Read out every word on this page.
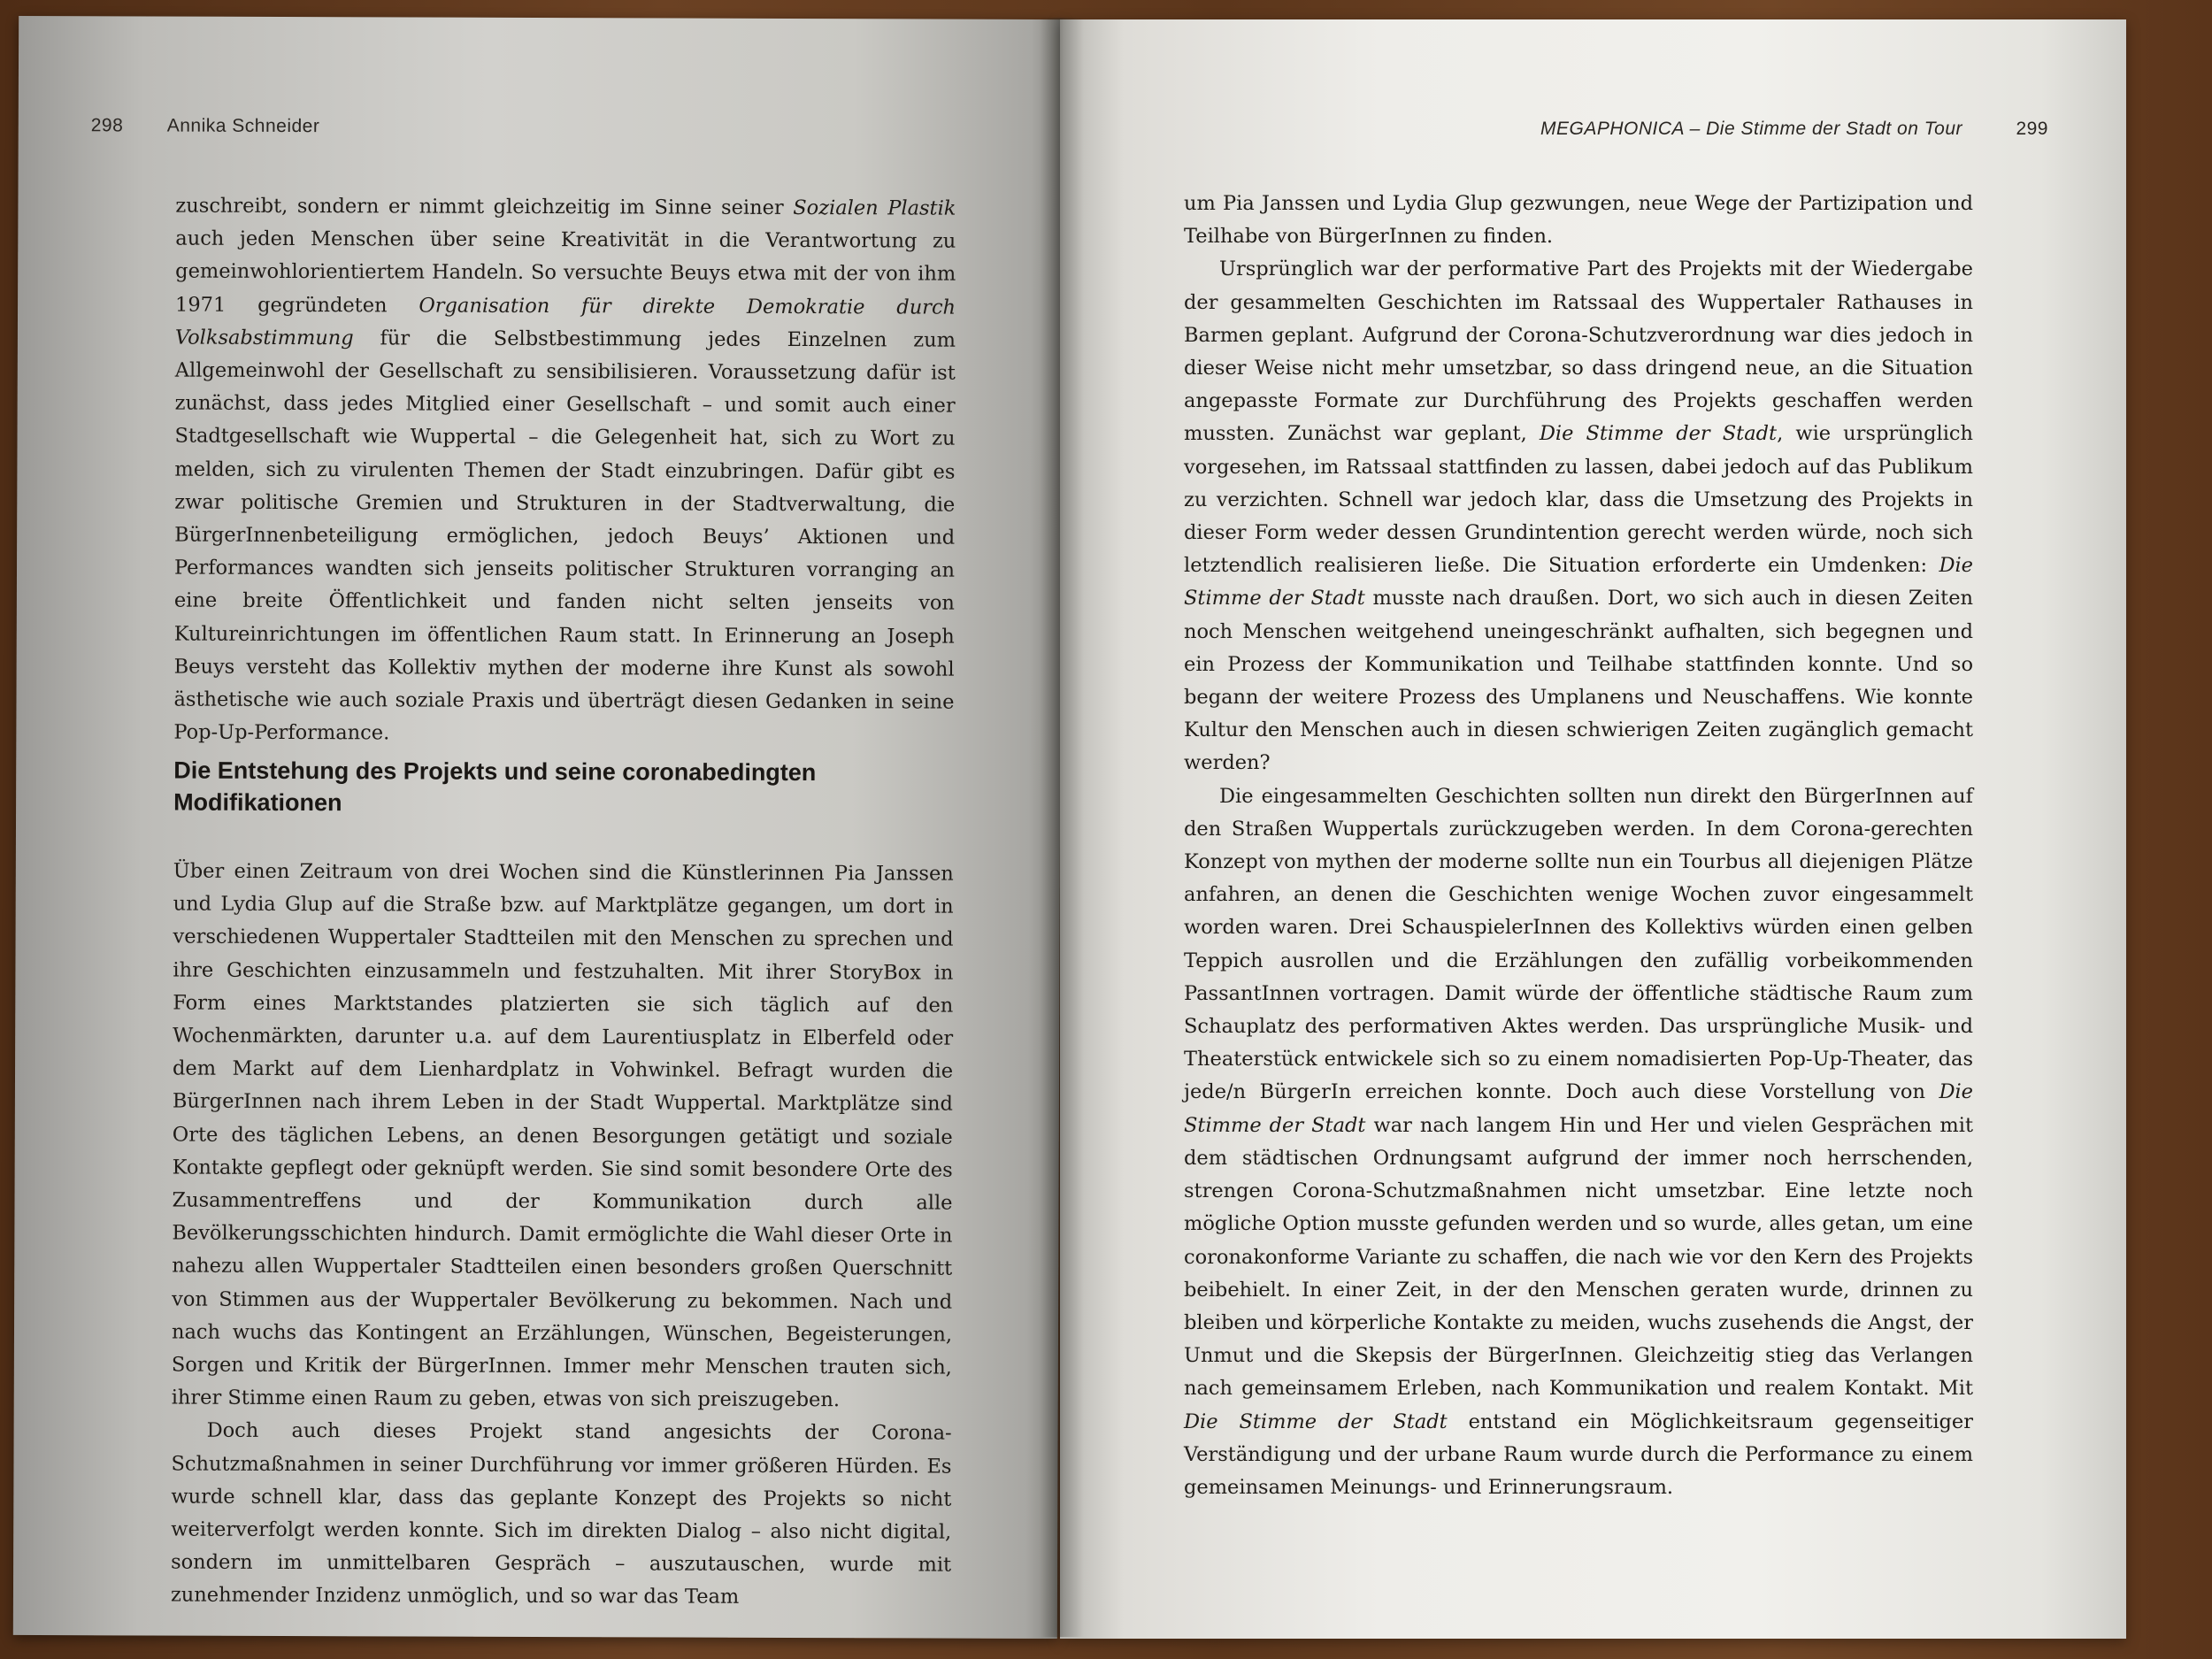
298 Annika Schneider

zuschreibt, sondern er nimmt gleichzeitig im Sinne seiner Sozialen Plastik auch jeden Menschen über seine Kreativität in die Verantwortung zu gemeinwohlorientiertem Handeln. So versuchte Beuys etwa mit der von ihm 1971 gegründeten Organisation für direkte Demokratie durch Volksabstimmung für die Selbstbestimmung jedes Einzelnen zum Allgemeinwohl der Gesellschaft zu sensibilisieren. Voraussetzung dafür ist zunächst, dass jedes Mitglied einer Gesellschaft – und somit auch einer Stadtgesellschaft wie Wuppertal – die Gelegenheit hat, sich zu Wort zu melden, sich zu virulenten Themen der Stadt einzubringen. Dafür gibt es zwar politische Gremien und Strukturen in der Stadtverwaltung, die BürgerInnenbeteiligung ermöglichen, jedoch Beuys’ Aktionen und Performances wandten sich jenseits politischer Strukturen vorranging an eine breite Öffentlichkeit und fanden nicht selten jenseits von Kultureinrichtungen im öffentlichen Raum statt. In Erinnerung an Joseph Beuys versteht das Kollektiv mythen der moderne ihre Kunst als sowohl ästhetische wie auch soziale Praxis und überträgt diesen Gedanken in seine Pop-Up-Performance.

Die Entstehung des Projekts und seine coronabedingten
Modifikationen

Über einen Zeitraum von drei Wochen sind die Künstlerinnen Pia Janssen und Lydia Glup auf die Straße bzw. auf Marktplätze gegangen, um dort in verschiedenen Wuppertaler Stadtteilen mit den Menschen zu sprechen und ihre Geschichten einzusammeln und festzuhalten. Mit ihrer StoryBox in Form eines Marktstandes platzierten sie sich täglich auf den Wochenmärkten, darunter u.a. auf dem Laurentiusplatz in Elberfeld oder dem Markt auf dem Lienhardplatz in Vohwinkel. Befragt wurden die BürgerInnen nach ihrem Leben in der Stadt Wuppertal. Marktplätze sind Orte des täglichen Lebens, an denen Besorgungen getätigt und soziale Kontakte gepflegt oder geknüpft werden. Sie sind somit besondere Orte des Zusammentreffens und der Kommunikation durch alle Bevölkerungsschichten hindurch. Damit ermöglichte die Wahl dieser Orte in nahezu allen Wuppertaler Stadtteilen einen besonders großen Querschnitt von Stimmen aus der Wuppertaler Bevölkerung zu bekommen. Nach und nach wuchs das Kontingent an Erzählungen, Wünschen, Begeisterungen, Sorgen und Kritik der BürgerInnen. Immer mehr Menschen trauten sich, ihrer Stimme einen Raum zu geben, etwas von sich preiszugeben.

Doch auch dieses Projekt stand angesichts der Corona-Schutzmaßnahmen in seiner Durchführung vor immer größeren Hürden. Es wurde schnell klar, dass das geplante Konzept des Projekts so nicht weiterverfolgt werden konnte. Sich im direkten Dialog – also nicht digital, sondern im unmittelbaren Gespräch – auszutauschen, wurde mit zunehmender Inzidenz unmöglich, und so war das Team

MEGAPHONICA – Die Stimme der Stadt on Tour	299

um Pia Janssen und Lydia Glup gezwungen, neue Wege der Partizipation und Teilhabe von BürgerInnen zu finden.

Ursprünglich war der performative Part des Projekts mit der Wiedergabe der gesammelten Geschichten im Ratssaal des Wuppertaler Rathauses in Barmen geplant. Aufgrund der Corona-Schutzverordnung war dies jedoch in dieser Weise nicht mehr umsetzbar, so dass dringend neue, an die Situation angepasste Formate zur Durchführung des Projekts geschaffen werden mussten. Zunächst war geplant, Die Stimme der Stadt, wie ursprünglich vorgesehen, im Ratssaal stattfinden zu lassen, dabei jedoch auf das Publikum zu verzichten. Schnell war jedoch klar, dass die Umsetzung des Projekts in dieser Form weder dessen Grundintention gerecht werden würde, noch sich letztendlich realisieren ließe. Die Situation erforderte ein Umdenken: Die Stimme der Stadt musste nach draußen. Dort, wo sich auch in diesen Zeiten noch Menschen weitgehend uneingeschränkt aufhalten, sich begegnen und ein Prozess der Kommunikation und Teilhabe stattfinden konnte. Und so begann der weitere Prozess des Umplanens und Neuschaffens. Wie konnte Kultur den Menschen auch in diesen schwierigen Zeiten zugänglich gemacht werden?

Die eingesammelten Geschichten sollten nun direkt den BürgerInnen auf den Straßen Wuppertals zurückzugeben werden. In dem Corona-gerechten Konzept von mythen der moderne sollte nun ein Tourbus all diejenigen Plätze anfahren, an denen die Geschichten wenige Wochen zuvor eingesammelt worden waren. Drei SchauspielerInnen des Kollektivs würden einen gelben Teppich ausrollen und die Erzählungen den zufällig vorbeikommenden PassantInnen vortragen. Damit würde der öffentliche städtische Raum zum Schauplatz des performativen Aktes werden. Das ursprüngliche Musik- und Theaterstück entwickele sich so zu einem nomadisierten Pop-Up-Theater, das jede/n BürgerIn erreichen konnte. Doch auch diese Vorstellung von Die Stimme der Stadt war nach langem Hin und Her und vielen Gesprächen mit dem städtischen Ordnungsamt aufgrund der immer noch herrschenden, strengen Corona-Schutzmaßnahmen nicht umsetzbar. Eine letzte noch mögliche Option musste gefunden werden und so wurde, alles getan, um eine coronakonforme Variante zu schaffen, die nach wie vor den Kern des Projekts beibehielt. In einer Zeit, in der den Menschen geraten wurde, drinnen zu bleiben und körperliche Kontakte zu meiden, wuchs zusehends die Angst, der Unmut und die Skepsis der BürgerInnen. Gleichzeitig stieg das Verlangen nach gemeinsamem Erleben, nach Kommunikation und realem Kontakt. Mit Die Stimme der Stadt entstand ein Möglichkeitsraum gegenseitiger Verständigung und der urbane Raum wurde durch die Performance zu einem gemeinsamen Meinungs- und Erinnerungsraum.
